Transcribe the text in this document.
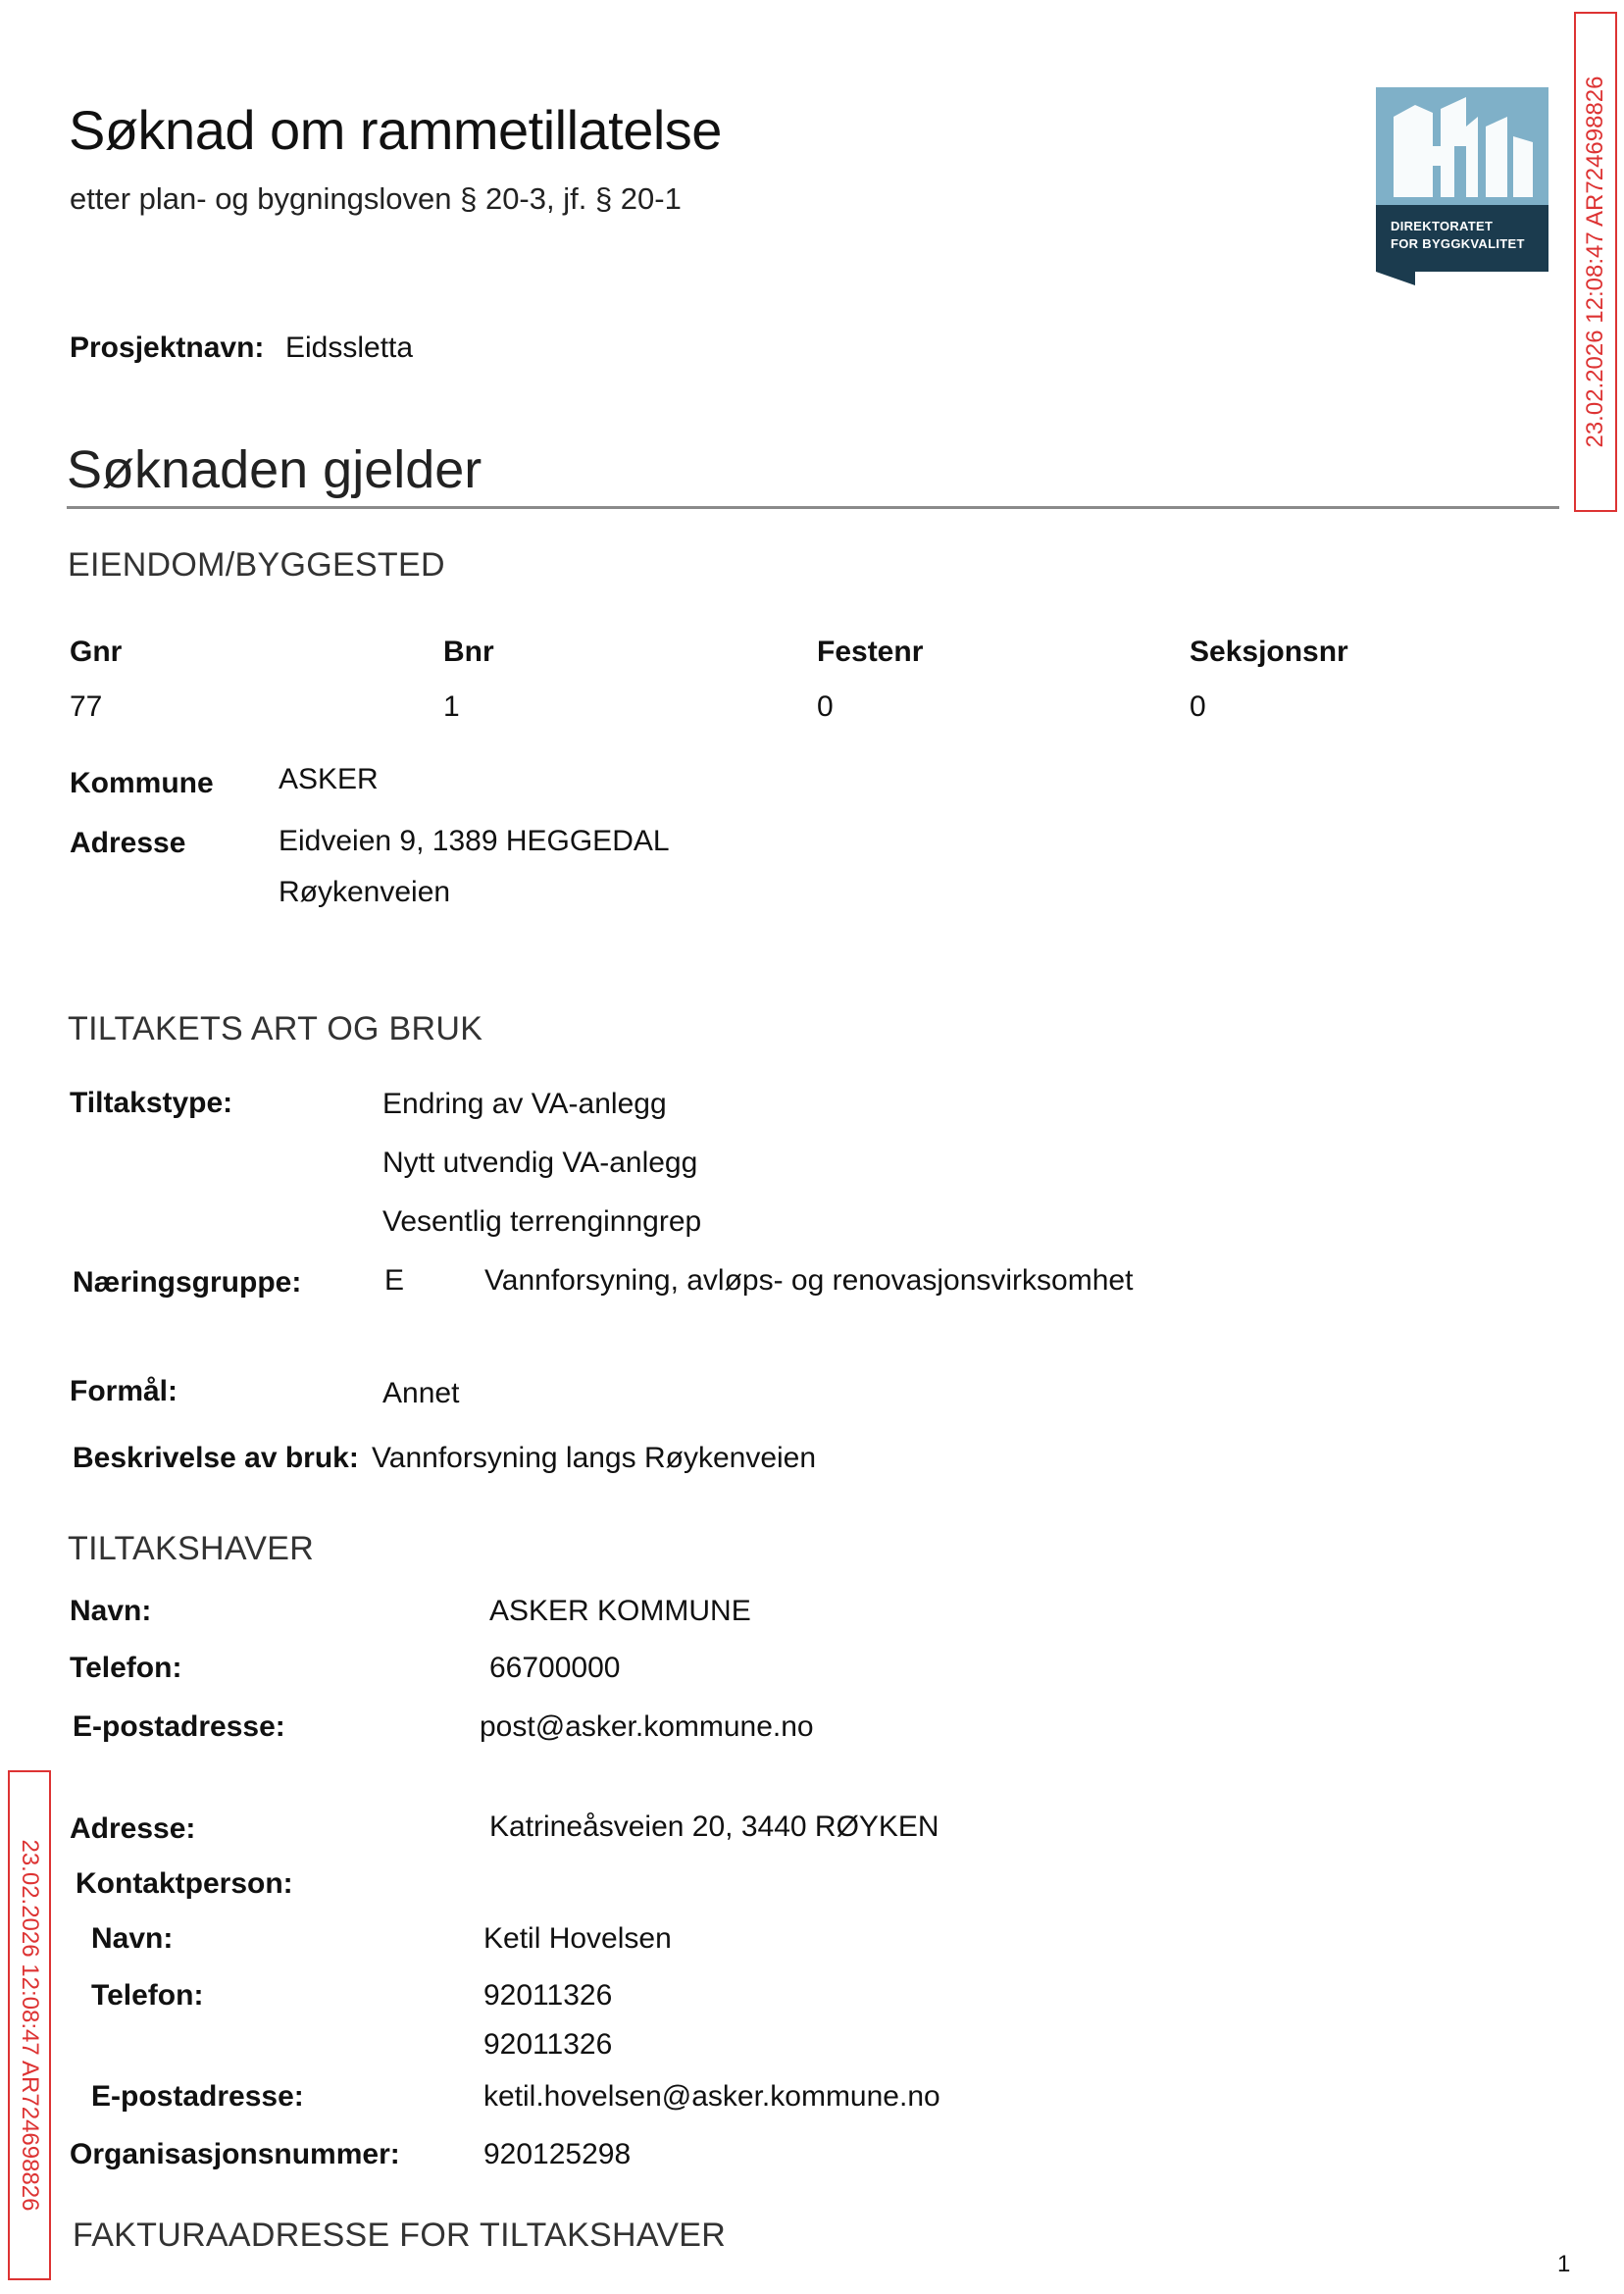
Søknad om rammetillatelse
etter plan- og bygningsloven § 20-3, jf. § 20-1
Prosjektnavn: Eidssletta
DIREKTORATET
FOR BYGGKVALITET 23.02.2026 12:08:47 AR724698826
23.02.2026 12:08:47 AR724698826
Søknaden gjelder
EIENDOM/BYGGESTED
Gnr	Bnr	Festenr	Seksjonsnr
77	1	0	0
Kommune ASKER
Adresse	Eidveien 9, 1389 HEGGEDAL
Røykenveien
TILTAKETS ART OG BRUK
Tiltakstype:	Endring av VA-anlegg
Nytt utvendig VA-anlegg
Vesentlig terrenginngrep
Næringsgruppe:	E	Vannforsyning, avløps- og renovasjonsvirksomhet
Formål:	Annet
Beskrivelse av bruk: Vannforsyning langs Røykenveien
TILTAKSHAVER
Navn:	ASKER KOMMUNE
Telefon:	66700000
E-postadresse:	post@asker.kommune.no
Adresse:	Katrineåsveien 20, 3440 RØYKEN
Kontaktperson:
Navn:	Ketil Hovelsen
Telefon:	92011326
92011326
E-postadresse:	ketil.hovelsen@asker.kommune.no
Organisasjonsnummer:	920125298
FAKTURAADRESSE FOR TILTAKSHAVER
1
